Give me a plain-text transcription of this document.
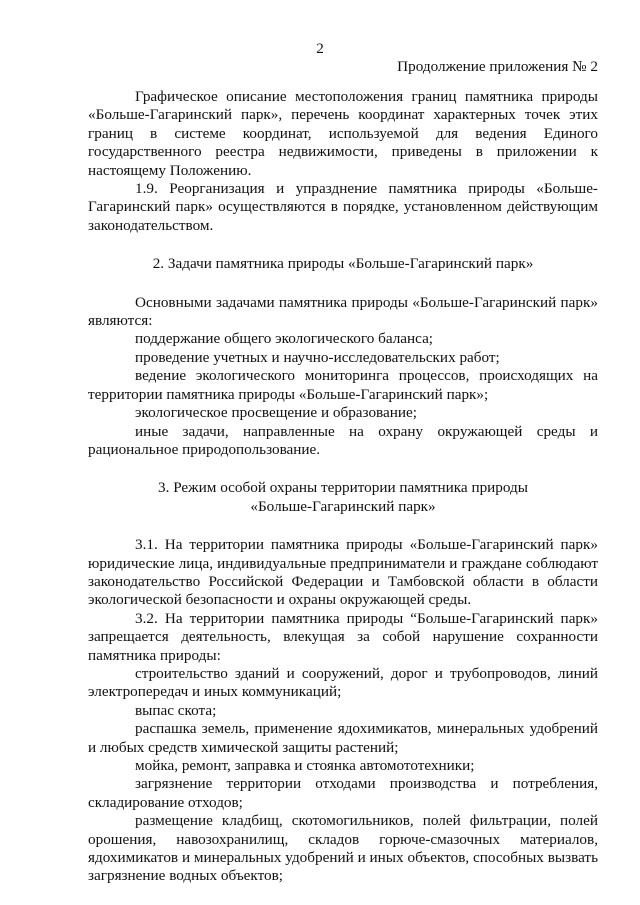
2
Продолжение приложения № 2

Графическое описание местоположения границ памятника природы «Больше-Гагаринский парк», перечень координат характерных точек этих границ в системе координат, используемой для ведения Единого государственного реестра недвижимости, приведены в приложении к настоящему Положению.

1.9. Реорганизация и упразднение памятника природы «Больше-Гагаринский парк» осуществляются в порядке, установленном действующим законодательством.

2. Задачи памятника природы «Больше-Гагаринский парк»

Основными задачами памятника природы «Больше-Гагаринский парк» являются:

поддержание общего экологического баланса;

проведение учетных и научно-исследовательских работ;

ведение экологического мониторинга процессов, происходящих на территории памятника природы «Больше-Гагаринский парк»;

экологическое просвещение и образование;

иные задачи, направленные на охрану окружающей среды и рациональное природопользование.

3. Режим особой охраны территории памятника природы
«Больше-Гагаринский парк»

3.1. На территории памятника природы «Больше-Гагаринский парк» юридические лица, индивидуальные предприниматели и граждане соблюдают законодательство Российской Федерации и Тамбовской области в области экологической безопасности и охраны окружающей среды.

3.2. На территории памятника природы “Больше-Гагаринский парк» запрещается деятельность, влекущая за собой нарушение сохранности памятника природы:

строительство зданий и сооружений, дорог и трубопроводов, линий электропередач и иных коммуникаций;

выпас скота;

распашка земель, применение ядохимикатов, минеральных удобрений и любых средств химической защиты растений;

мойка, ремонт, заправка и стоянка автомототехники;

загрязнение территории отходами производства и потребления, складирование отходов;

размещение кладбищ, скотомогильников, полей фильтрации, полей орошения, навозохранилищ, складов горюче-смазочных материалов, ядохимикатов и минеральных удобрений и иных объектов, способных вызвать загрязнение водных объектов;
